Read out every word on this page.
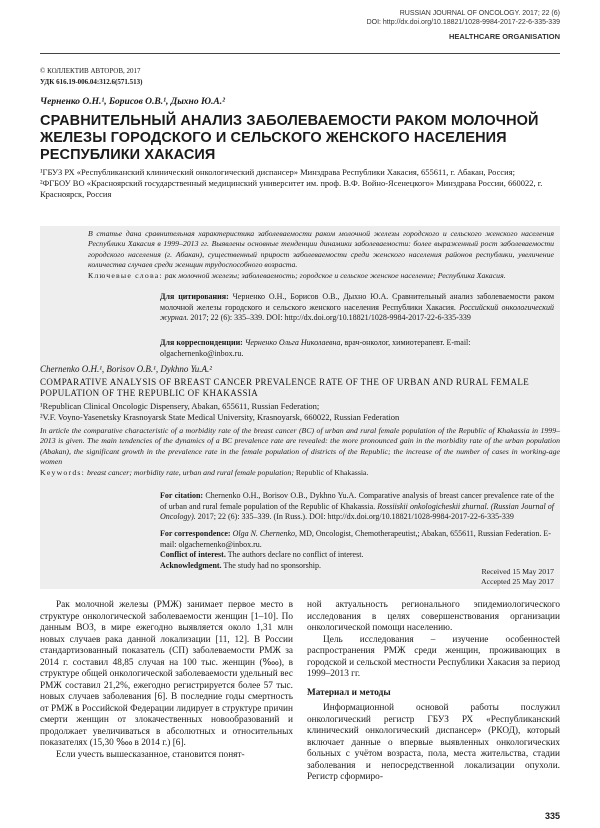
RUSSIAN JOURNAL OF ONCOLOGY. 2017; 22 (6)
DOI: http://dx.doi.org/10.18821/1028-9984-2017-22-6-335-339
HEALTHCARE ORGANISATION
© КОЛЛЕКТИВ АВТОРОВ, 2017
УДК 616.19-006.04:312.6(571.513)
Черненко О.Н.¹, Борисов О.В.¹, Дыхно Ю.А.²
СРАВНИТЕЛЬНЫЙ АНАЛИЗ ЗАБОЛЕВАЕМОСТИ РАКОМ МОЛОЧНОЙ ЖЕЛЕЗЫ ГОРОДСКОГО И СЕЛЬСКОГО ЖЕНСКОГО НАСЕЛЕНИЯ РЕСПУБЛИКИ ХАКАСИЯ
¹ГБУЗ РХ «Республиканский клинический онкологический диспансер» Минздрава Республики Хакасия, 655611, г. Абакан, Россия;
²ФГБОУ ВО «Красноярский государственный медицинский университет им. проф. В.Ф. Войно-Ясенецкого» Минздрава России, 660022, г. Красноярск, Россия
В статье дана сравнительная характеристика заболеваемости раком молочной железы городского и сельского женского населения Республики Хакасия в 1999–2013 гг. Выявлены основные тенденции динамики заболеваемости: более выраженный рост заболеваемости городского населения (г. Абакан), существенный прирост заболеваемости среди женского населения районов республики, увеличение количества случаев среди женщин трудоспособного возраста.
Ключевые слова: рак молочной железы; заболеваемость; городское и сельское женское население; Республика Хакасия.
Для цитирования: Черненко О.Н., Борисов О.В., Дыхно Ю.А. Сравнительный анализ заболеваемости раком молочной железы городского и сельского женского населения Республики Хакасия. Российский онкологический журнал. 2017; 22 (6): 335–339. DOI: http://dx.doi.org/10.18821/1028-9984-2017-22-6-335-339
Для корреспонденции: Черненко Ольга Николаевна, врач-онколог, химиотерапевт. E-mail: olgachernenko@inbox.ru.
Chernenko O.H.¹, Borisov O.B.¹, Dykhno Yu.A.²
COMPARATIVE ANALYSIS OF BREAST CANCER PREVALENCE RATE OF THE OF URBAN AND RURAL FEMALE POPULATION OF THE REPUBLIC OF KHAKASSIA
¹Republican Clinical Oncologic Dispensery, Abakan, 655611, Russian Federation;
²V.F. Voyno-Yasenetsky Krasnoyarsk State Medical University, Krasnoyarsk, 660022, Russian Federation
In article the comparative characteristic of a morbidity rate of the breast cancer (BC) of urban and rural female population of the Republic of Khakassia in 1999–2013 is given. The main tendencies of the dynamics of a BC prevalence rate are revealed: the more pronounced gain in the morbidity rate of the urban population (Abakan), the significant growth in the prevalence rate in the female population of districts of the Republic; the increase of the number of cases in working-age women
Keywords: breast cancer; morbidity rate, urban and rural female population; Republic of Khakassia.
For citation: Chernenko O.H., Borisov O.B., Dykhno Yu.A. Comparative analysis of breast cancer prevalence rate of the of urban and rural female population of the Republic of Khakassia. Rossiiskii onkologicheskii zhurnal. (Russian Journal of Oncology). 2017; 22 (6): 335–339. (In Russ.). DOI: http://dx.doi.org/10.18821/1028-9984-2017-22-6-335-339
For correspondence: Olga N. Chernenko, MD, Oncologist, Chemotherapeutist,; Abakan, 655611, Russian Federation. E-mail: olgachernenko@inbox.ru.
Conflict of interest. The authors declare no conflict of interest.
Acknowledgment. The study had no sponsorship.
Received 15 May 2017
Accepted 25 May 2017

Рак молочной железы (РМЖ) занимает первое место в структуре онкологической заболеваемости женщин [1–10]. По данным ВОЗ, в мире ежегодно выявляется около 1,31 млн новых случаев рака данной локализации [11, 12]. В России стандартизованный показатель (СП) заболеваемости РМЖ за 2014 г. составил 48,85 случая на 100 тыс. женщин (‱), в структуре общей онкологической заболеваемости удельный вес РМЖ составил 21,2%, ежегодно регистрируется более 57 тыс. новых случаев заболевания [6]. В последние годы смертность от РМЖ в Российской Федерации лидирует в структуре причин смерти женщин от злокачественных новообразований и продолжает увеличиваться в абсолютных и относительных показателях (15,30 ‱ в 2014 г.) [6].

Если учесть вышесказанное, становится понят-

ной актуальность регионального эпидемиологического исследования в целях совершенствования организации онкологической помощи населению.

Цель исследования – изучение особенностей распространения РМЖ среди женщин, проживающих в городской и сельской местности Республики Хакасия за период 1999–2013 гг.

Материал и методы

Информационной основой работы послужил онкологический регистр ГБУЗ РХ «Республиканский клинический онкологический диспансер» (РКОД), который включает данные о впервые выявленных онкологических больных с учётом возраста, пола, места жительства, стадии заболевания и непосредственной локализации опухоли. Регистр сформиро-

335
